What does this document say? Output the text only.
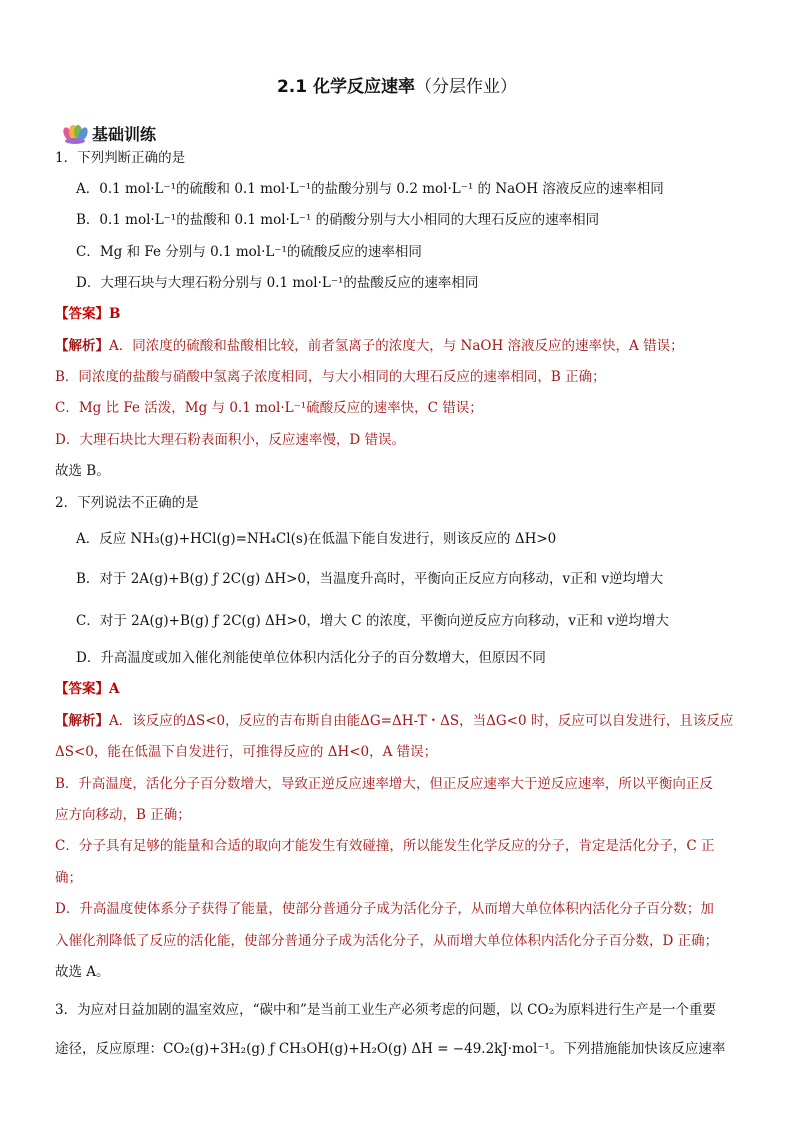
2.1 化学反应速率（分层作业）
基础训练
1．下列判断正确的是
A．0.1 mol·L⁻¹的硫酸和 0.1 mol·L⁻¹的盐酸分别与 0.2 mol·L⁻¹ 的 NaOH 溶液反应的速率相同
B．0.1 mol·L⁻¹的盐酸和 0.1 mol·L⁻¹ 的硝酸分别与大小相同的大理石反应的速率相同
C．Mg 和 Fe 分别与 0.1 mol·L⁻¹的硫酸反应的速率相同
D．大理石块与大理石粉分别与 0.1 mol·L⁻¹的盐酸反应的速率相同
【答案】B
【解析】A．同浓度的硫酸和盐酸相比较，前者氢离子的浓度大，与 NaOH 溶液反应的速率快，A 错误；
B．同浓度的盐酸与硝酸中氢离子浓度相同，与大小相同的大理石反应的速率相同，B 正确；
C．Mg 比 Fe 活泼，Mg 与 0.1 mol·L⁻¹硫酸反应的速率快，C 错误；
D．大理石块比大理石粉表面积小，反应速率慢，D 错误。
故选 B。
2．下列说法不正确的是
A．反应 NH₃(g)+HCl(g)=NH₄Cl(s)在低温下能自发进行，则该反应的 ΔH>0
B．对于 2A(g)+B(g) ƒ 2C(g) ΔH>0，当温度升高时，平衡向正反应方向移动，v正和 v逆均增大
C．对于 2A(g)+B(g) ƒ 2C(g) ΔH>0，增大 C 的浓度，平衡向逆反应方向移动，v正和 v逆均增大
D．升高温度或加入催化剂能使单位体积内活化分子的百分数增大，但原因不同
【答案】A
【解析】A．该反应的ΔS<0，反应的吉布斯自由能ΔG=ΔH-T・ΔS，当ΔG<0 时，反应可以自发进行，且该反应
ΔS<0，能在低温下自发进行，可推得反应的 ΔH<0，A 错误；
B．升高温度，活化分子百分数增大，导致正逆反应速率增大，但正反应速率大于逆反应速率，所以平衡向正反
应方向移动，B 正确；
C．分子具有足够的能量和合适的取向才能发生有效碰撞，所以能发生化学反应的分子，肯定是活化分子，C 正
确；
D．升高温度使体系分子获得了能量，使部分普通分子成为活化分子，从而增大单位体积内活化分子百分数；加
入催化剂降低了反应的活化能，使部分普通分子成为活化分子，从而增大单位体积内活化分子百分数，D 正确；
故选 A。
3．为应对日益加剧的温室效应，“碳中和”是当前工业生产必须考虑的问题，以 CO₂为原料进行生产是一个重要
途径，反应原理：CO₂(g)+3H₂(g) ƒ CH₃OH(g)+H₂O(g) ΔH = −49.2kJ·mol⁻¹。下列措施能加快该反应速率
